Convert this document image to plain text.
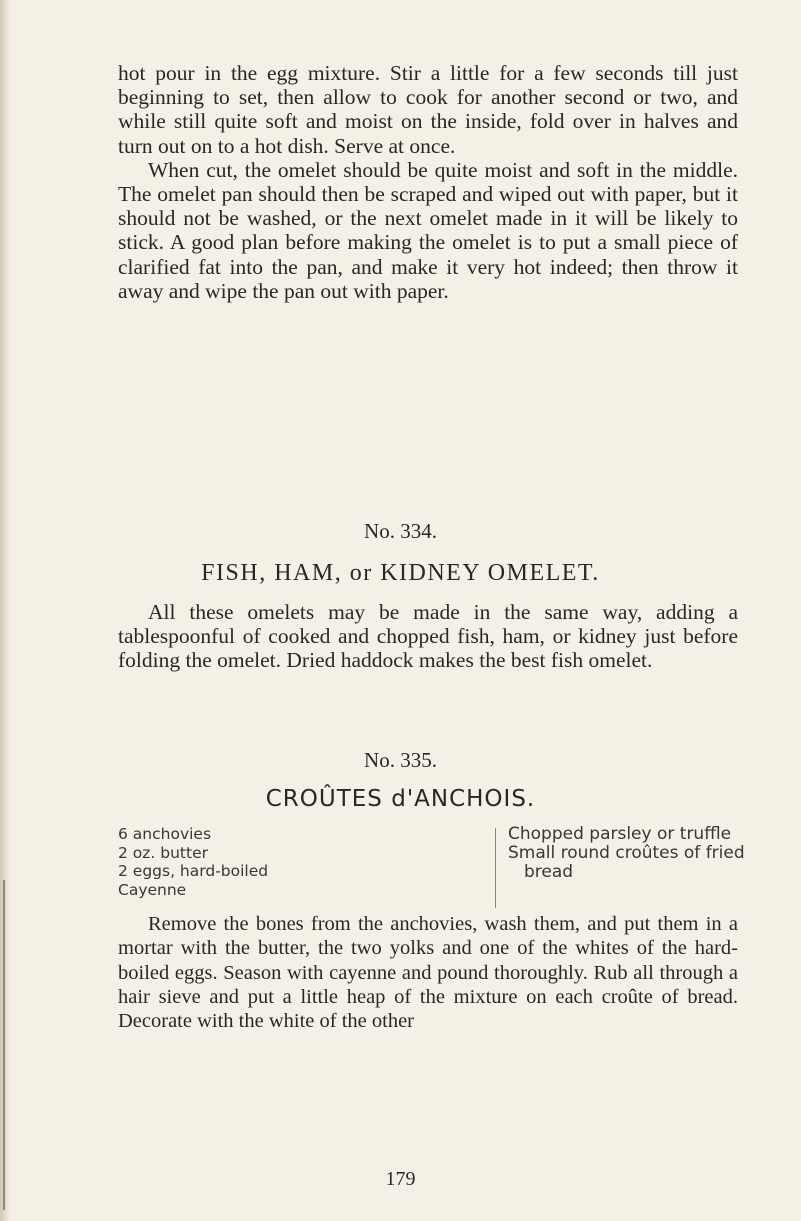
hot pour in the egg mixture. Stir a little for a few seconds till just beginning to set, then allow to cook for another second or two, and while still quite soft and moist on the inside, fold over in halves and turn out on to a hot dish. Serve at once.

When cut, the omelet should be quite moist and soft in the middle. The omelet pan should then be scraped and wiped out with paper, but it should not be washed, or the next omelet made in it will be likely to stick. A good plan before making the omelet is to put a small piece of clarified fat into the pan, and make it very hot indeed; then throw it away and wipe the pan out with paper.

No. 334.
FISH, HAM, or KIDNEY OMELET.

All these omelets may be made in the same way, adding a tablespoonful of cooked and chopped fish, ham, or kidney just before folding the omelet. Dried haddock makes the best fish omelet.

No. 335.
CROÛTES d'ANCHOIS.
6 anchovies
2 oz. butter
2 eggs, hard-boiled
Cayenne
Chopped parsley or truffle
Small round croûtes of fried
bread

Remove the bones from the anchovies, wash them, and put them in a mortar with the butter, the two yolks and one of the whites of the hard-boiled eggs. Season with cayenne and pound thoroughly. Rub all through a hair sieve and put a little heap of the mixture on each croûte of bread. Decorate with the white of the other

179
